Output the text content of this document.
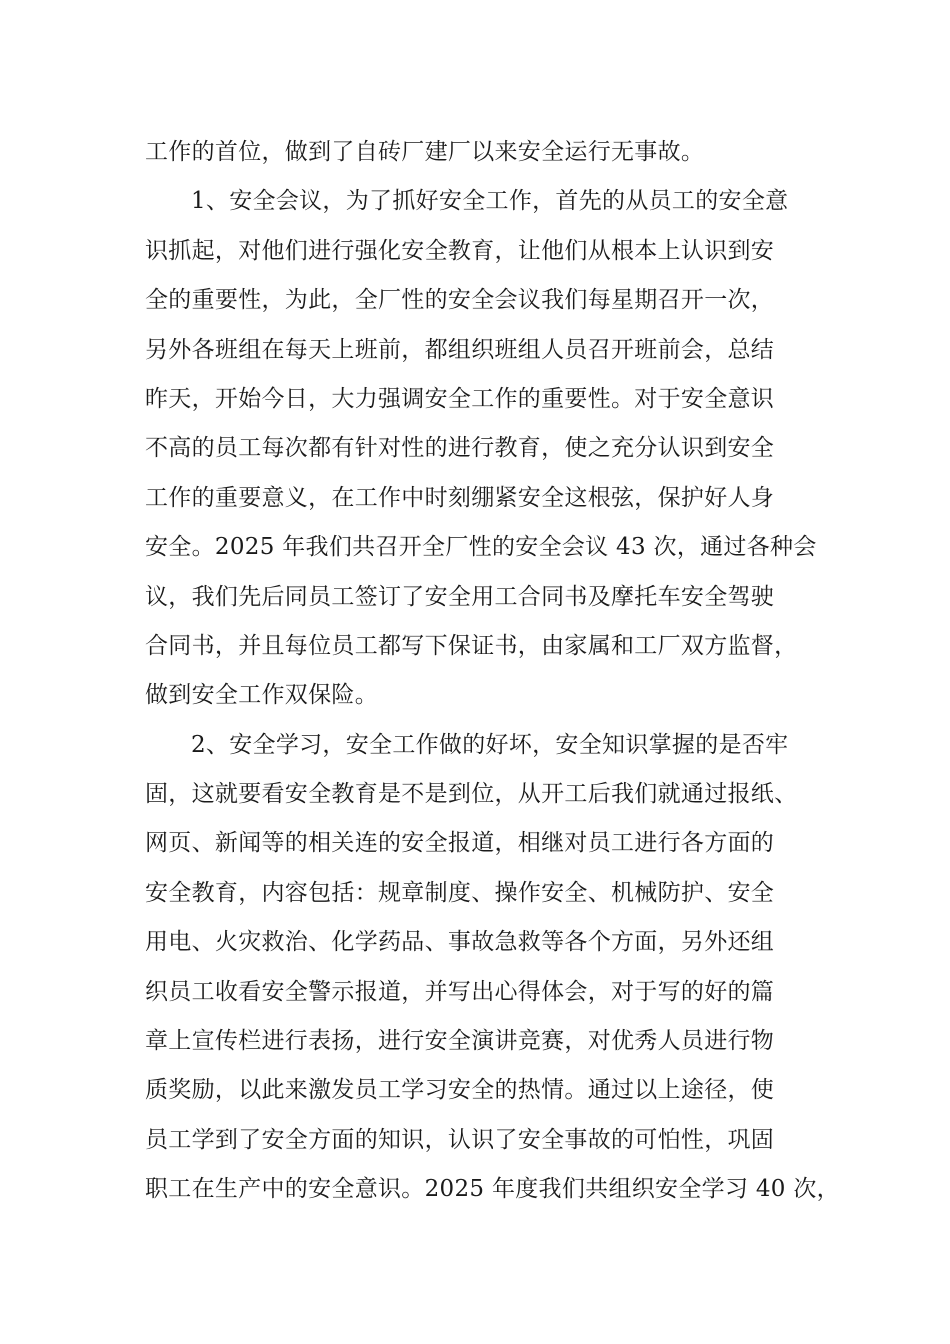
工作的首位，做到了自砖厂建厂以来安全运行无事故。
1、安全会议，为了抓好安全工作，首先的从员工的安全意
识抓起，对他们进行强化安全教育，让他们从根本上认识到安
全的重要性，为此，全厂性的安全会议我们每星期召开一次，
另外各班组在每天上班前，都组织班组人员召开班前会，总结
昨天，开始今日，大力强调安全工作的重要性。对于安全意识
不高的员工每次都有针对性的进行教育，使之充分认识到安全
工作的重要意义，在工作中时刻绷紧安全这根弦，保护好人身
安全。2025 年我们共召开全厂性的安全会议 43 次，通过各种会
议，我们先后同员工签订了安全用工合同书及摩托车安全驾驶
合同书，并且每位员工都写下保证书，由家属和工厂双方监督，
做到安全工作双保险。
2、安全学习，安全工作做的好坏，安全知识掌握的是否牢
固，这就要看安全教育是不是到位，从开工后我们就通过报纸、
网页、新闻等的相关连的安全报道，相继对员工进行各方面的
安全教育，内容包括：规章制度、操作安全、机械防护、安全
用电、火灾救治、化学药品、事故急救等各个方面，另外还组
织员工收看安全警示报道，并写出心得体会，对于写的好的篇
章上宣传栏进行表扬，进行安全演讲竞赛，对优秀人员进行物
质奖励，以此来激发员工学习安全的热情。通过以上途径，使
员工学到了安全方面的知识，认识了安全事故的可怕性，巩固
职工在生产中的安全意识。2025 年度我们共组织安全学习 40 次，
